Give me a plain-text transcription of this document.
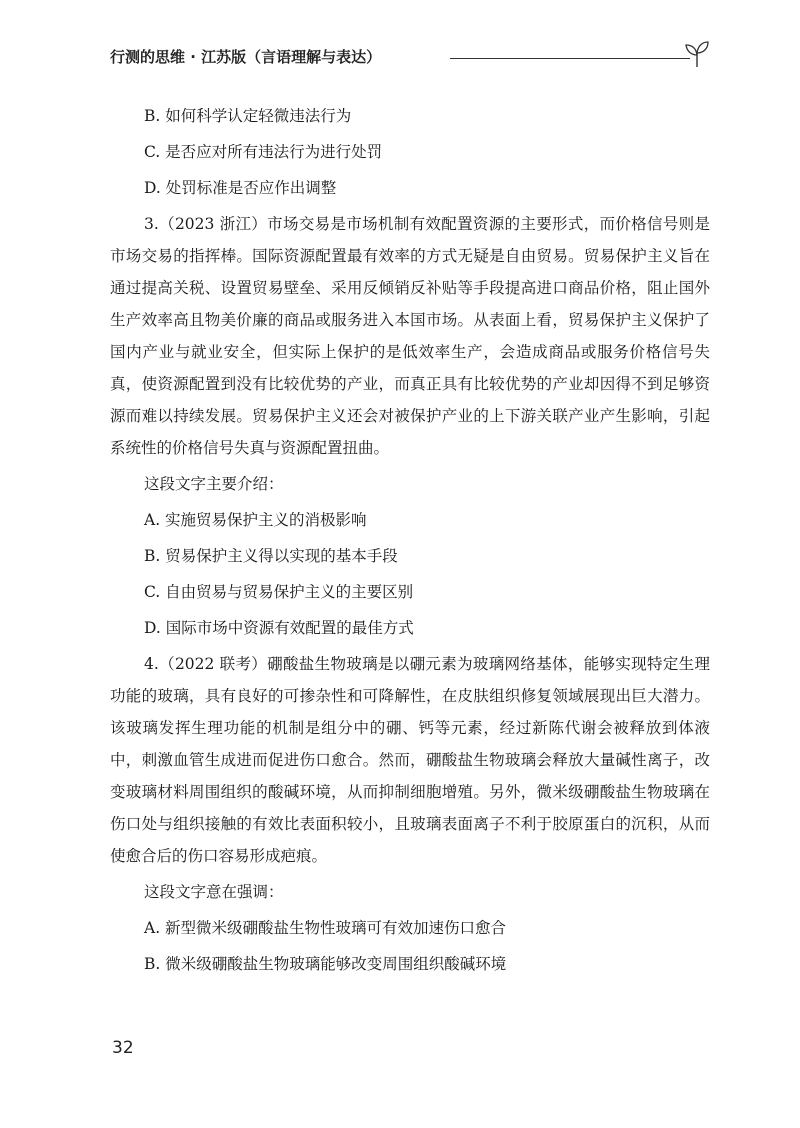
行测的思维 · 江苏版（言语理解与表达）

B. 如何科学认定轻微违法行为

C. 是否应对所有违法行为进行处罚

D. 处罚标准是否应作出调整

3.（2023 浙江）市场交易是市场机制有效配置资源的主要形式，而价格信号则是市场交易的指挥棒。国际资源配置最有效率的方式无疑是自由贸易。贸易保护主义旨在通过提高关税、设置贸易壁垒、采用反倾销反补贴等手段提高进口商品价格，阻止国外生产效率高且物美价廉的商品或服务进入本国市场。从表面上看，贸易保护主义保护了国内产业与就业安全，但实际上保护的是低效率生产，会造成商品或服务价格信号失真，使资源配置到没有比较优势的产业，而真正具有比较优势的产业却因得不到足够资源而难以持续发展。贸易保护主义还会对被保护产业的上下游关联产业产生影响，引起系统性的价格信号失真与资源配置扭曲。

这段文字主要介绍：

A. 实施贸易保护主义的消极影响

B. 贸易保护主义得以实现的基本手段

C. 自由贸易与贸易保护主义的主要区别

D. 国际市场中资源有效配置的最佳方式

4.（2022 联考）硼酸盐生物玻璃是以硼元素为玻璃网络基体，能够实现特定生理功能的玻璃，具有良好的可掺杂性和可降解性，在皮肤组织修复领域展现出巨大潜力。该玻璃发挥生理功能的机制是组分中的硼、钙等元素，经过新陈代谢会被释放到体液中，刺激血管生成进而促进伤口愈合。然而，硼酸盐生物玻璃会释放大量碱性离子，改变玻璃材料周围组织的酸碱环境，从而抑制细胞增殖。另外，微米级硼酸盐生物玻璃在伤口处与组织接触的有效比表面积较小，且玻璃表面离子不利于胶原蛋白的沉积，从而使愈合后的伤口容易形成疤痕。

这段文字意在强调：

A. 新型微米级硼酸盐生物性玻璃可有效加速伤口愈合

B. 微米级硼酸盐生物玻璃能够改变周围组织酸碱环境

32
